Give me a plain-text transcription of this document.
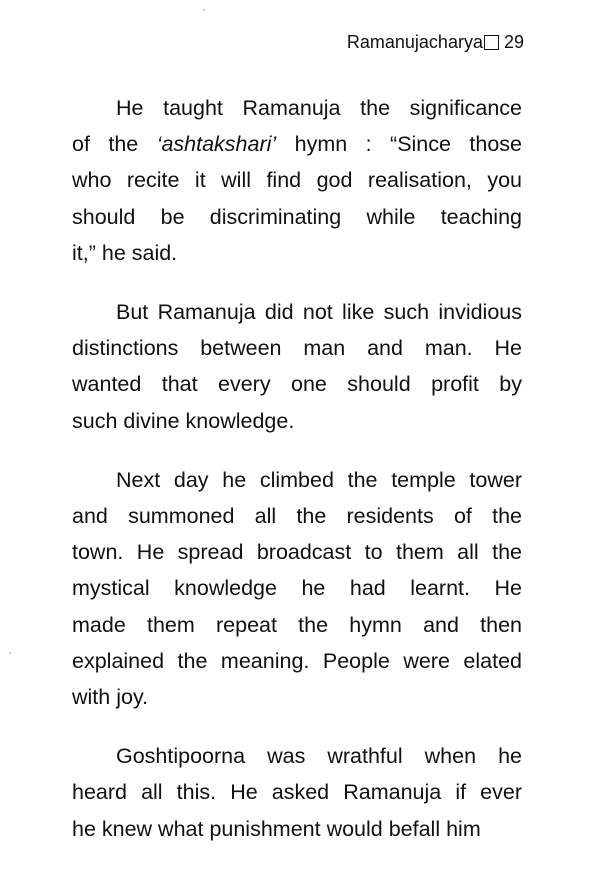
Ramanujacharya 29
He taught Ramanuja the significance
of the ‘ashtakshari’ hymn : “Since those
who recite it will find god realisation, you
should be discriminating while teaching
it,” he said.
But Ramanuja did not like such invidious
distinctions between man and man. He
wanted that every one should profit by
such divine knowledge.
Next day he climbed the temple tower
and summoned all the residents of the
town. He spread broadcast to them all the
mystical knowledge he had learnt. He
made them repeat the hymn and then
explained the meaning. People were elated
with joy.
Goshtipoorna was wrathful when he
heard all this. He asked Ramanuja if ever
he knew what punishment would befall him
